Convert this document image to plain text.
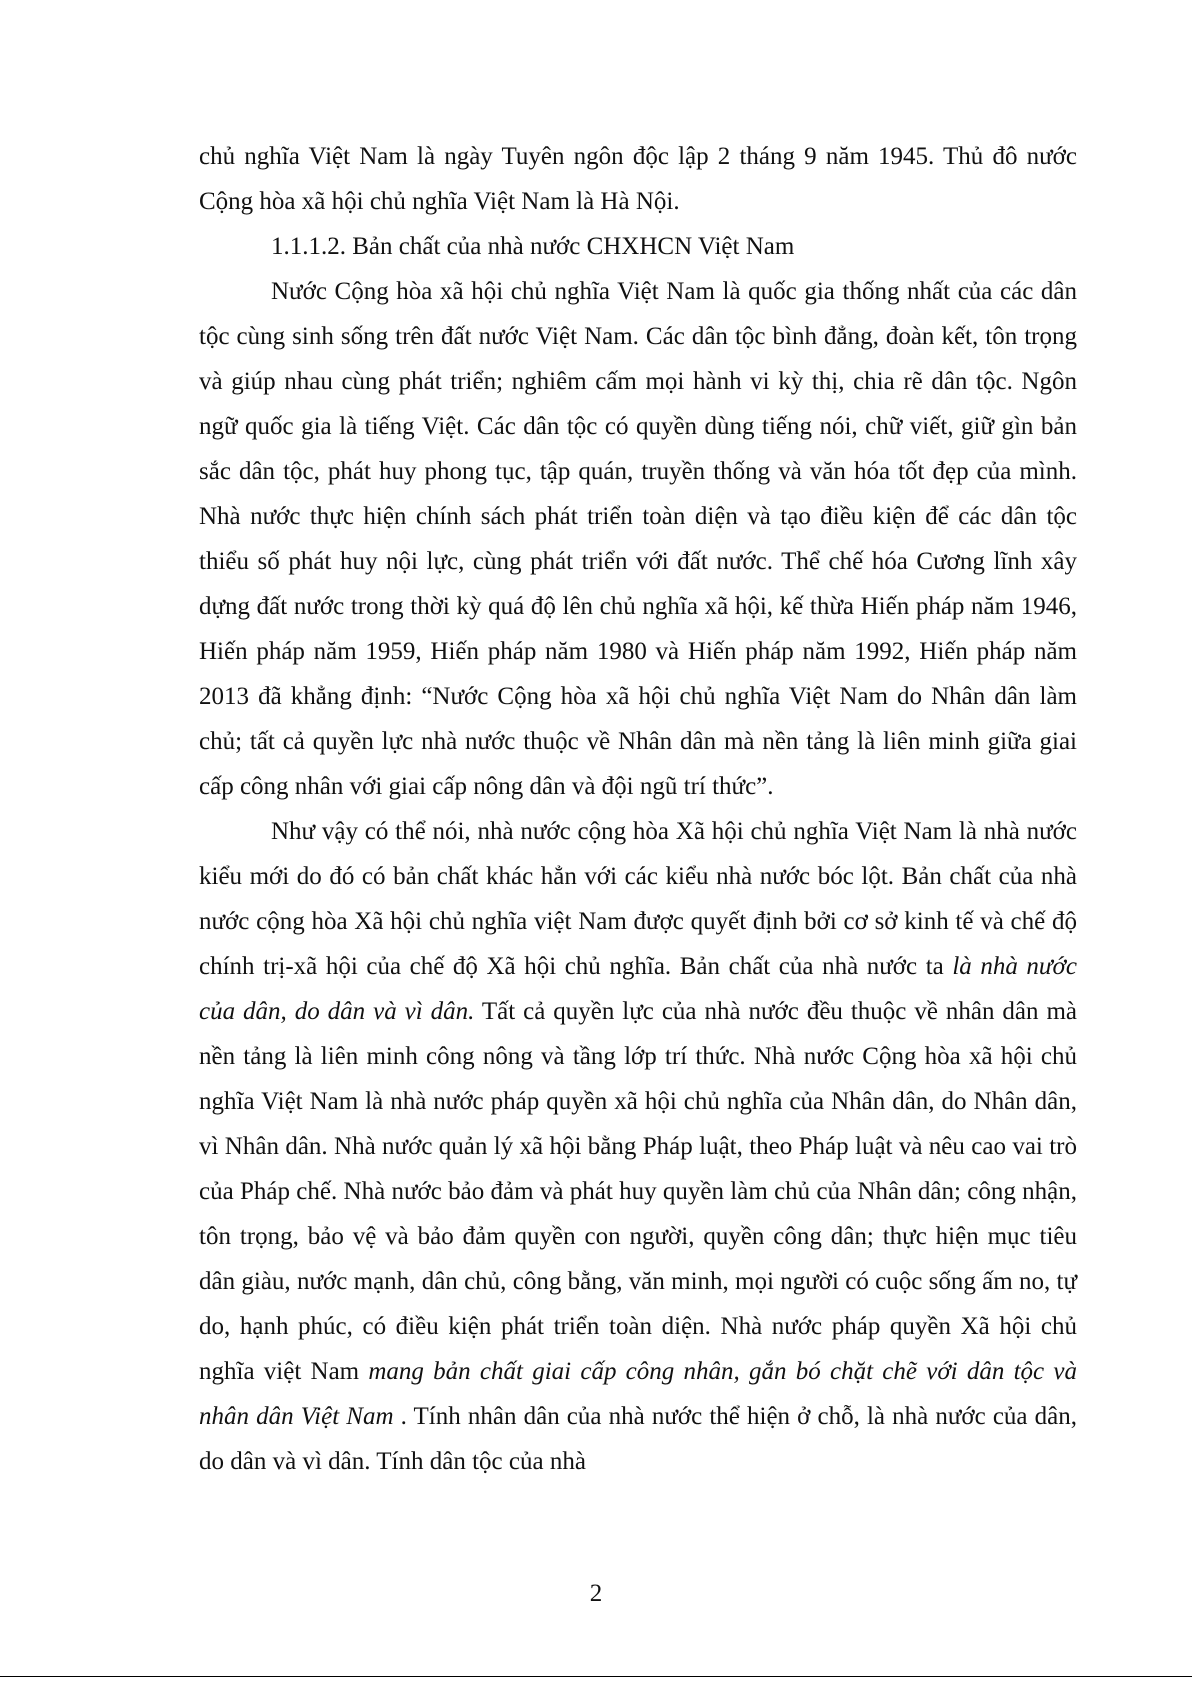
chủ nghĩa Việt Nam là ngày Tuyên ngôn độc lập 2 tháng 9 năm 1945. Thủ đô nước Cộng hòa xã hội chủ nghĩa Việt Nam là Hà Nội.

1.1.1.2. Bản chất của nhà nước CHXHCN Việt Nam

Nước Cộng hòa xã hội chủ nghĩa Việt Nam là quốc gia thống nhất của các dân tộc cùng sinh sống trên đất nước Việt Nam. Các dân tộc bình đẳng, đoàn kết, tôn trọng và giúp nhau cùng phát triển; nghiêm cấm mọi hành vi kỳ thị, chia rẽ dân tộc. Ngôn ngữ quốc gia là tiếng Việt. Các dân tộc có quyền dùng tiếng nói, chữ viết, giữ gìn bản sắc dân tộc, phát huy phong tục, tập quán, truyền thống và văn hóa tốt đẹp của mình. Nhà nước thực hiện chính sách phát triển toàn diện và tạo điều kiện để các dân tộc thiểu số phát huy nội lực, cùng phát triển với đất nước. Thể chế hóa Cương lĩnh xây dựng đất nước trong thời kỳ quá độ lên chủ nghĩa xã hội, kế thừa Hiến pháp năm 1946, Hiến pháp năm 1959, Hiến pháp năm 1980 và Hiến pháp năm 1992, Hiến pháp năm 2013 đã khẳng định: “Nước Cộng hòa xã hội chủ nghĩa Việt Nam do Nhân dân làm chủ; tất cả quyền lực nhà nước thuộc về Nhân dân mà nền tảng là liên minh giữa giai cấp công nhân với giai cấp nông dân và đội ngũ trí thức”.

Như vậy có thể nói, nhà nước cộng hòa Xã hội chủ nghĩa Việt Nam là nhà nước kiểu mới do đó có bản chất khác hẳn với các kiểu nhà nước bóc lột. Bản chất của nhà nước cộng hòa Xã hội chủ nghĩa việt Nam được quyết định bởi cơ sở kinh tế và chế độ chính trị-xã hội của chế độ Xã hội chủ nghĩa. Bản chất của nhà nước ta là nhà nước của dân, do dân và vì dân. Tất cả quyền lực của nhà nước đều thuộc về nhân dân mà nền tảng là liên minh công nông và tầng lớp trí thức. Nhà nước Cộng hòa xã hội chủ nghĩa Việt Nam là nhà nước pháp quyền xã hội chủ nghĩa của Nhân dân, do Nhân dân, vì Nhân dân. Nhà nước quản lý xã hội bằng Pháp luật, theo Pháp luật và nêu cao vai trò của Pháp chế. Nhà nước bảo đảm và phát huy quyền làm chủ của Nhân dân; công nhận, tôn trọng, bảo vệ và bảo đảm quyền con người, quyền công dân; thực hiện mục tiêu dân giàu, nước mạnh, dân chủ, công bằng, văn minh, mọi người có cuộc sống ấm no, tự do, hạnh phúc, có điều kiện phát triển toàn diện. Nhà nước pháp quyền Xã hội chủ nghĩa việt Nam mang bản chất giai cấp công nhân, gắn bó chặt chẽ với dân tộc và nhân dân Việt Nam . Tính nhân dân của nhà nước thể hiện ở chỗ, là nhà nước của dân, do dân và vì dân. Tính dân tộc của nhà

2
